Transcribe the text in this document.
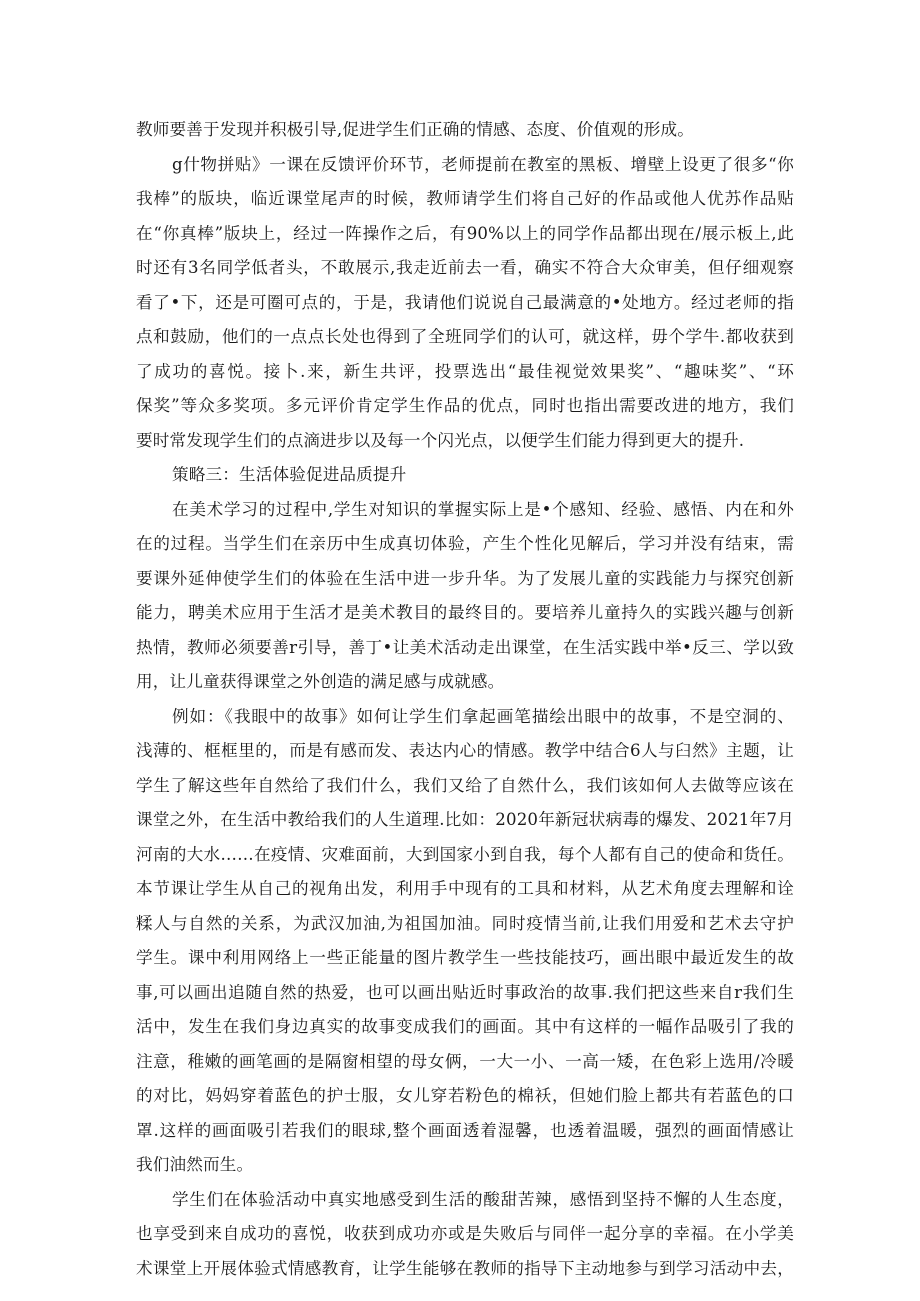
教师要善于发现并积极引导,促进学生们正确的情感、态度、价值观的形成。
g什物拼贴》一课在反馈评价环节，老师提前在教室的黑板、增壁上设更了很多“你
我棒”的版块，临近课堂尾声的时候，教师请学生们将自己好的作品或他人优苏作品贴
在“你真棒”版块上，经过一阵操作之后，有90%以上的同学作品都出现在/展示板上,此
时还有3名同学低者头，不敢展示,我走近前去一看，确实不符合大众审美，但仔细观察
看了•下，还是可圈可点的，于是，我请他们说说自己最满意的•处地方。经过老师的指
点和鼓励，他们的一点点长处也得到了全班同学们的认可，就这样，毋个学牛.都收获到
了成功的喜悦。接卜.来，新生共评，投票选出“最佳视觉效果奖”、“趣味奖”、“环
保奖”等众多奖项。多元评价肯定学生作品的优点，同时也指出需要改进的地方，我们
要时常发现学生们的点滴进步以及每一个闪光点，以便学生们能力得到更大的提升.
策略三：生活体验促进品质提升
在美术学习的过程中,学生对知识的掌握实际上是•个感知、经验、感悟、内在和外
在的过程。当学生们在亲历中生成真切体验，产生个性化见解后，学习并没有结束，需
要课外延伸使学生们的体验在生活中进一步升华。为了发展儿童的实践能力与探究创新
能力，聘美术应用于生活才是美术教目的最终目的。要培养儿童持久的实践兴趣与创新
热情，教师必须要善r引导，善丁•让美术活动走出课堂，在生活实践中举•反三、学以致
用，让儿童获得课堂之外创造的满足感与成就感。
例如：《我眼中的故事》如何让学生们拿起画笔描绘出眼中的故事，不是空洞的、
浅薄的、框框里的，而是有感而发、表达内心的情感。教学中结合6人与臼然》主题，让
学生了解这些年自然给了我们什么，我们又给了自然什么，我们该如何人去做等应该在
课堂之外，在生活中教给我们的人生道理.比如：2020年新冠状病毒的爆发、2021年7月
河南的大水……在疫情、灾难面前，大到国家小到自我，每个人都有自己的使命和货任。
本节课让学生从自己的视角出发，利用手中现有的工具和材料，从艺术角度去理解和诠
糅人与自然的关系，为武汉加油,为祖国加油。同时疫情当前,让我们用爱和艺术去守护
学生。课中利用网络上一些正能量的图片教学生一些技能技巧，画出眼中最近发生的故
事,可以画出追随自然的热爱，也可以画出贴近时事政治的故事.我们把这些来自r我们生
活中，发生在我们身边真实的故事变成我们的画面。其中有这样的一幅作品吸引了我的
注意，稚嫩的画笔画的是隔窗相望的母女俩，一大一小、一高一矮，在色彩上选用/冷暖
的对比，妈妈穿着蓝色的护士服，女儿穿若粉色的棉袄，但她们脸上都共有若蓝色的口
罩.这样的画面吸引若我们的眼球,整个画面透着湿馨，也透着温暖，强烈的画面情感让
我们油然而生。
学生们在体验活动中真实地感受到生活的酸甜苦辣，感悟到坚持不懈的人生态度，
也享受到来自成功的喜悦，收获到成功亦或是失败后与同伴一起分享的幸福。在小学美
术课堂上开展体验式情感教育，让学生能够在教师的指导下主动地参与到学习活动中去，
